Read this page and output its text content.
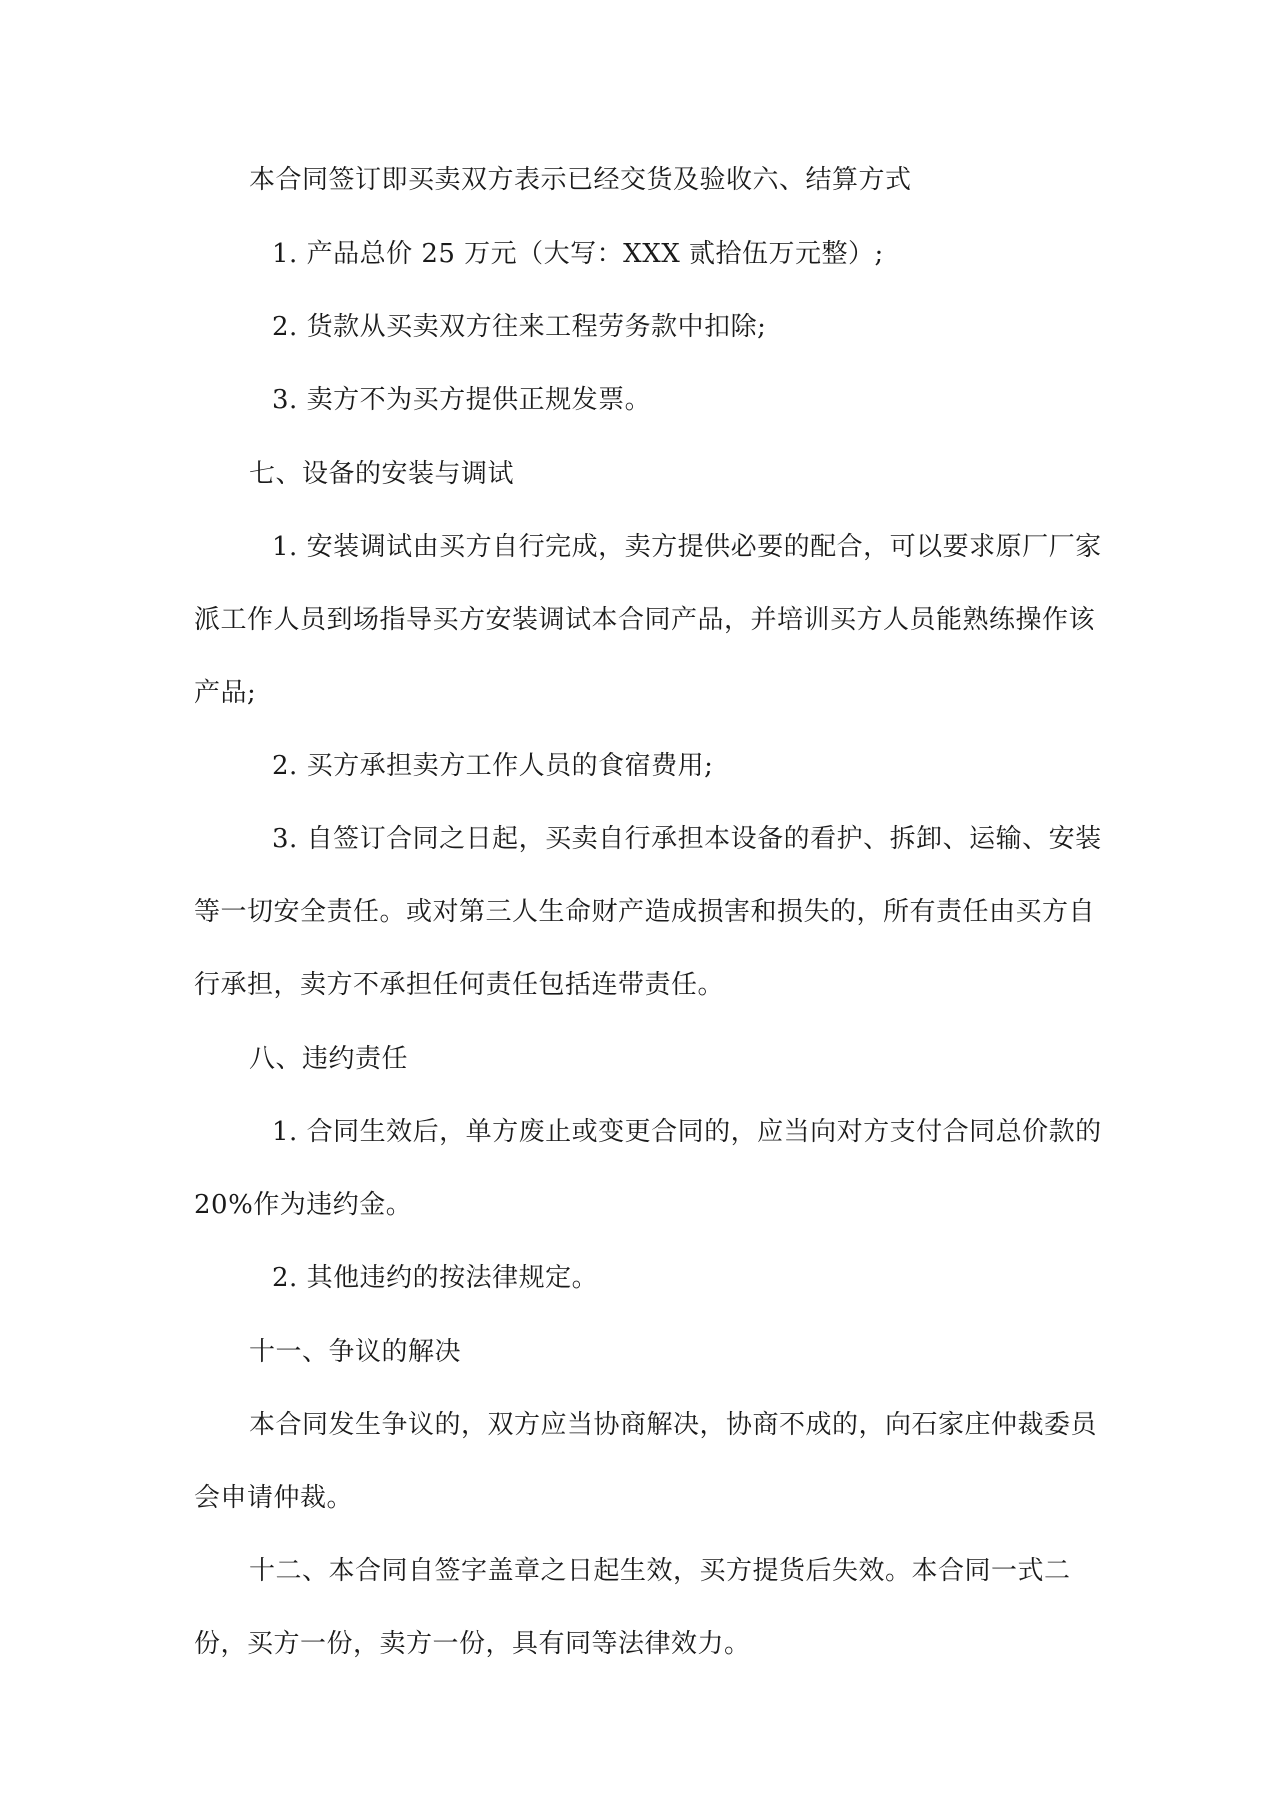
本合同签订即买卖双方表示已经交货及验收六、结算方式
1. 产品总价 25 万元（大写：XXX 贰拾伍万元整）;
2. 货款从买卖双方往来工程劳务款中扣除;
3. 卖方不为买方提供正规发票。
七、设备的安装与调试
1. 安装调试由买方自行完成，卖方提供必要的配合，可以要求原厂厂家
派工作人员到场指导买方安装调试本合同产品，并培训买方人员能熟练操作该
产品;
2. 买方承担卖方工作人员的食宿费用;
3. 自签订合同之日起，买卖自行承担本设备的看护、拆卸、运输、安装
等一切安全责任。或对第三人生命财产造成损害和损失的，所有责任由买方自
行承担，卖方不承担任何责任包括连带责任。
八、违约责任
1. 合同生效后，单方废止或变更合同的，应当向对方支付合同总价款的
20%作为违约金。
2. 其他违约的按法律规定。
十一、争议的解决
本合同发生争议的，双方应当协商解决，协商不成的，向石家庄仲裁委员
会申请仲裁。
十二、本合同自签字盖章之日起生效，买方提货后失效。本合同一式二
份，买方一份，卖方一份，具有同等法律效力。
